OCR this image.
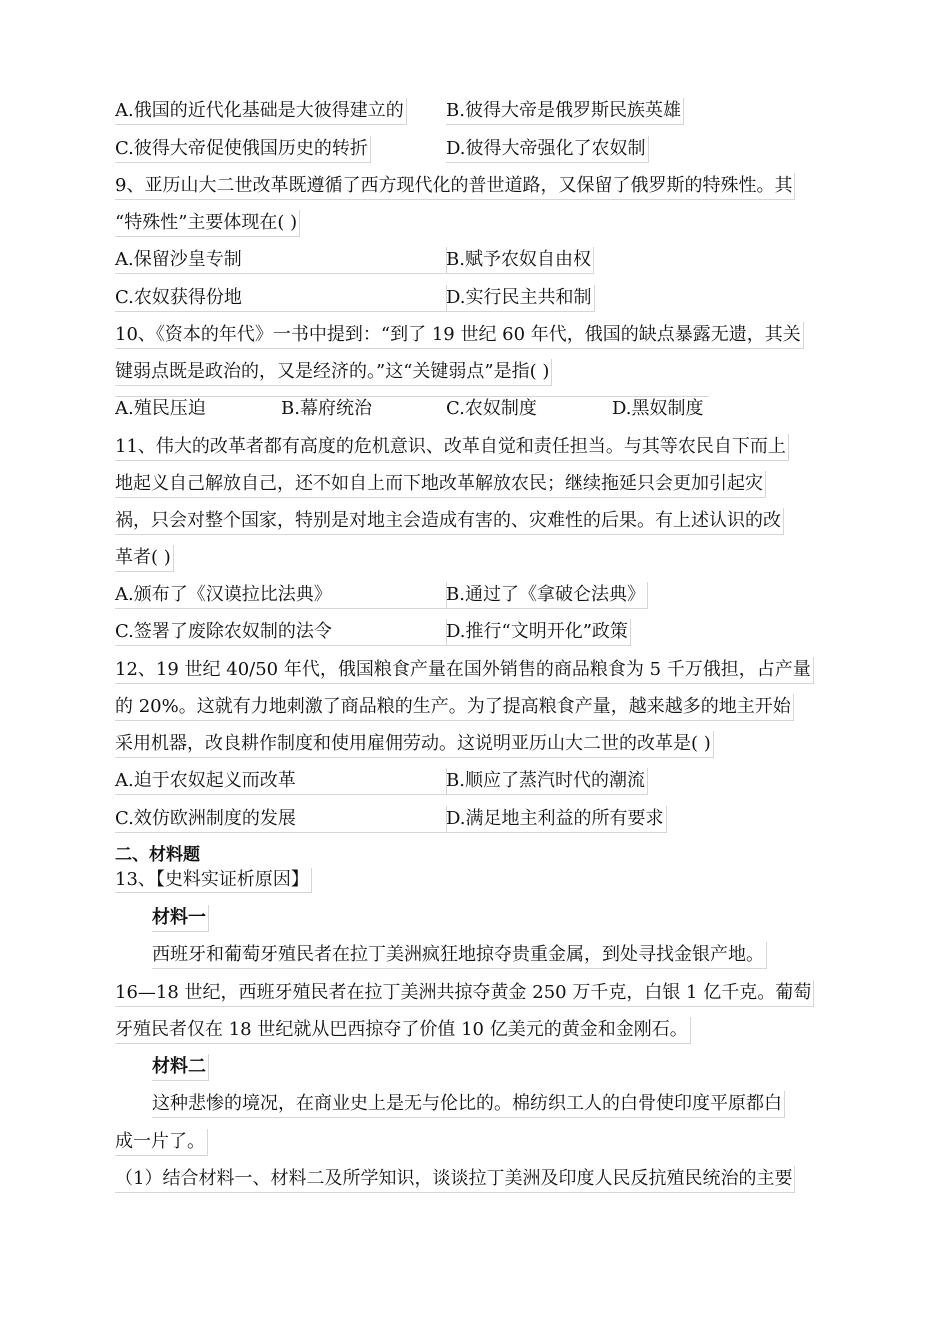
A.俄国的近代化基础是大彼得建立的 B.彼得大帝是俄罗斯民族英雄
C.彼得大帝促使俄国历史的转折	D.彼得大帝强化了农奴制
9、亚历山大二世改革既遵循了西方现代化的普世道路，又保留了俄罗斯的特殊性。其
“特殊性”主要体现在( )
A.保留沙皇专制	B.赋予农奴自由权
C.农奴获得份地	D.实行民主共和制
10、《资本的年代》一书中提到：“到了 19 世纪 60 年代，俄国的缺点暴露无遗，其关
键弱点既是政治的，又是经济的。”这“关键弱点”是指( )
A.殖民压迫	B.幕府统治	C.农奴制度	D.黑奴制度
11、伟大的改革者都有高度的危机意识、改革自觉和责任担当。与其等农民自下而上
地起义自己解放自己，还不如自上而下地改革解放农民；继续拖延只会更加引起灾
祸，只会对整个国家，特别是对地主会造成有害的、灾难性的后果。有上述认识的改
革者( )
A.颁布了《汉谟拉比法典》	B.通过了《拿破仑法典》
C.签署了废除农奴制的法令	D.推行“文明开化”政策
12、19 世纪 40/50 年代，俄国粮食产量在国外销售的商品粮食为 5 千万俄担，占产量
的 20%。这就有力地刺激了商品粮的生产。为了提高粮食产量，越来越多的地主开始
采用机器，改良耕作制度和使用雇佣劳动。这说明亚历山大二世的改革是( )
A.迫于农奴起义而改革	B.顺应了蒸汽时代的潮流
C.效仿欧洲制度的发展	D.满足地主利益的所有要求
二、材料题
13、【史料实证析原因】
材料一
西班牙和葡萄牙殖民者在拉丁美洲疯狂地掠夺贵重金属，到处寻找金银产地。
16—18 世纪，西班牙殖民者在拉丁美洲共掠夺黄金 250 万千克，白银 1 亿千克。葡萄
牙殖民者仅在 18 世纪就从巴西掠夺了价值 10 亿美元的黄金和金刚石。
材料二
这种悲惨的境况，在商业史上是无与伦比的。棉纺织工人的白骨使印度平原都白
成一片了。
（1）结合材料一、材料二及所学知识，谈谈拉丁美洲及印度人民反抗殖民统治的主要
